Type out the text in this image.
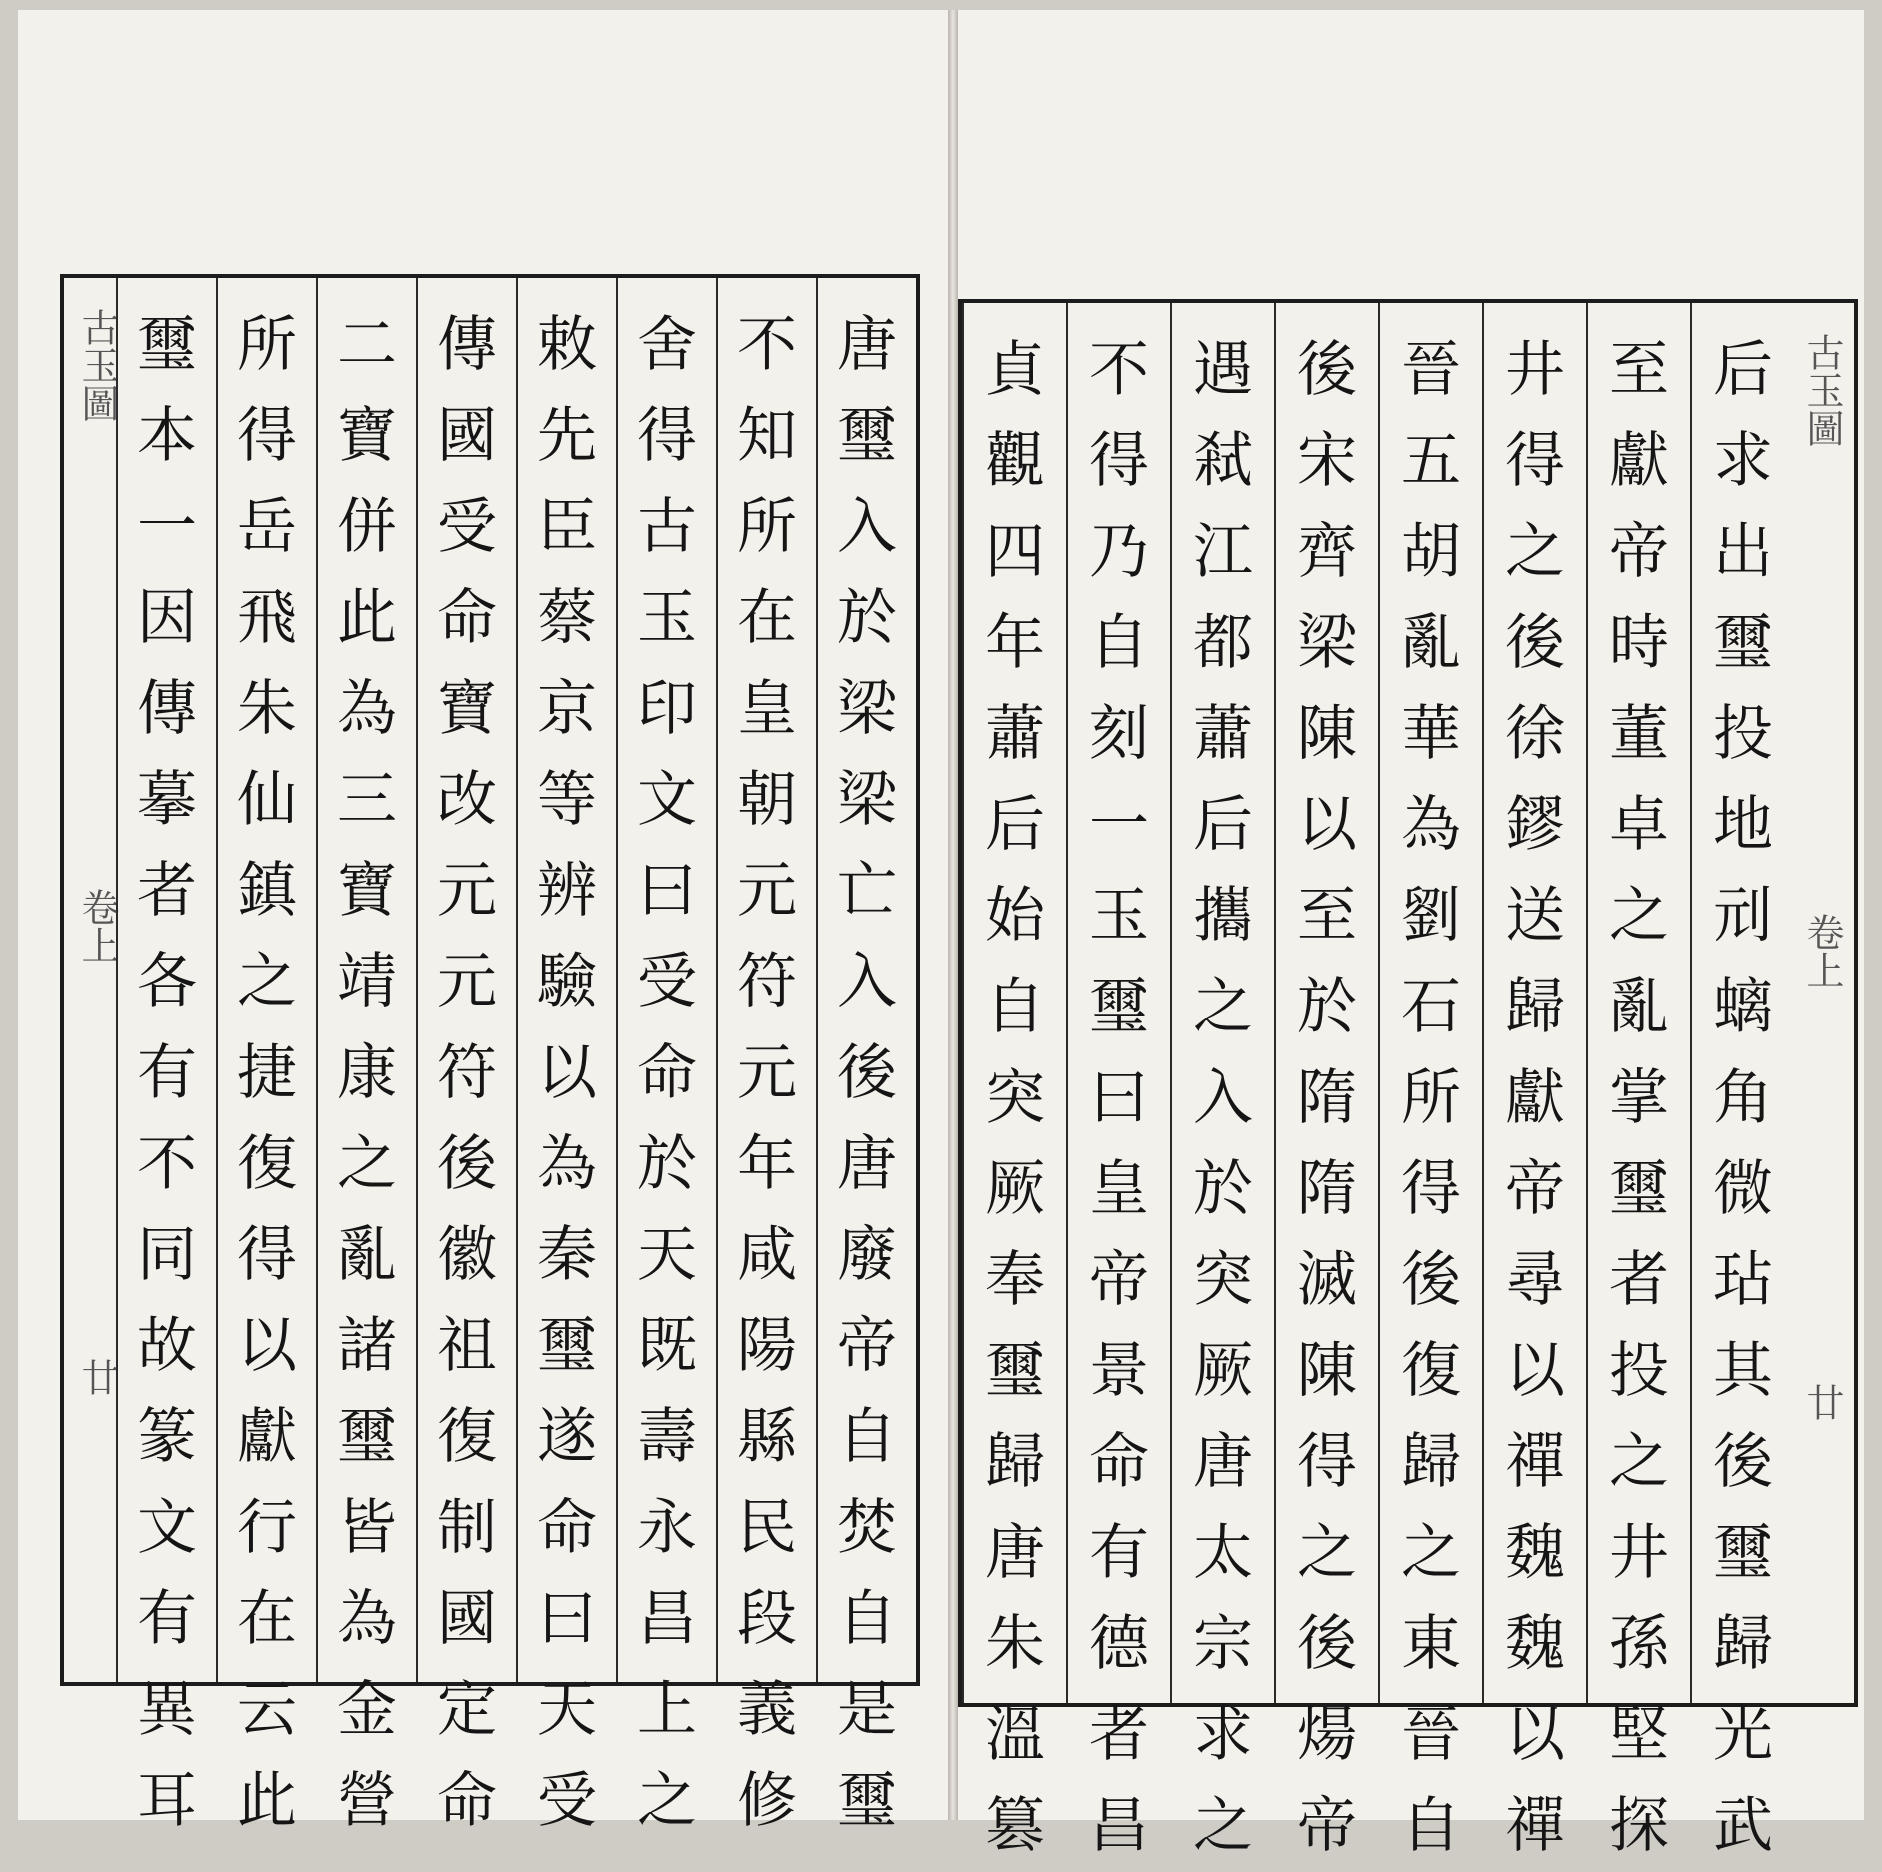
古玉圖
卷上
廿
唐
璽
入
於
梁
梁
亡
入
後
唐
廢
帝
自
焚
自
是
璽
不
知
所
在
皇
朝
元
符
元
年
咸
陽
縣
民
段
義
修
舍
得
古
玉
印
文
曰
受
命
於
天
既
壽
永
昌
上
之
敕
先
臣
蔡
京
等
辨
驗
以
為
秦
璽
遂
命
曰
天
受
傳
國
受
命
寶
改
元
元
符
後
徽
祖
復
制
國
定
命
二
寶
併
此
為
三
寶
靖
康
之
亂
諸
璽
皆
為
金
營
所
得
岳
飛
朱
仙
鎮
之
捷
復
得
以
獻
行
在
云
此
璽
本
一
因
傳
摹
者
各
有
不
同
故
篆
文
有
異
耳
后
求
出
璽
投
地
刓
螭
角
微
玷
其
後
璽
歸
光
武
至
獻
帝
時
董
卓
之
亂
掌
璽
者
投
之
井
孫
堅
探
井
得
之
後
徐
鏐
送
歸
獻
帝
尋
以
禪
魏
魏
以
禪
晉
五
胡
亂
華
為
劉
石
所
得
後
復
歸
之
東
晉
自
後
宋
齊
梁
陳
以
至
於
隋
隋
滅
陳
得
之
後
煬
帝
遇
弒
江
都
蕭
后
攜
之
入
於
突
厥
唐
太
宗
求
之
不
得
乃
自
刻
一
玉
璽
曰
皇
帝
景
命
有
德
者
昌
貞
觀
四
年
蕭
后
始
自
突
厥
奉
璽
歸
唐
朱
溫
篡
古玉圖
卷上
廿
